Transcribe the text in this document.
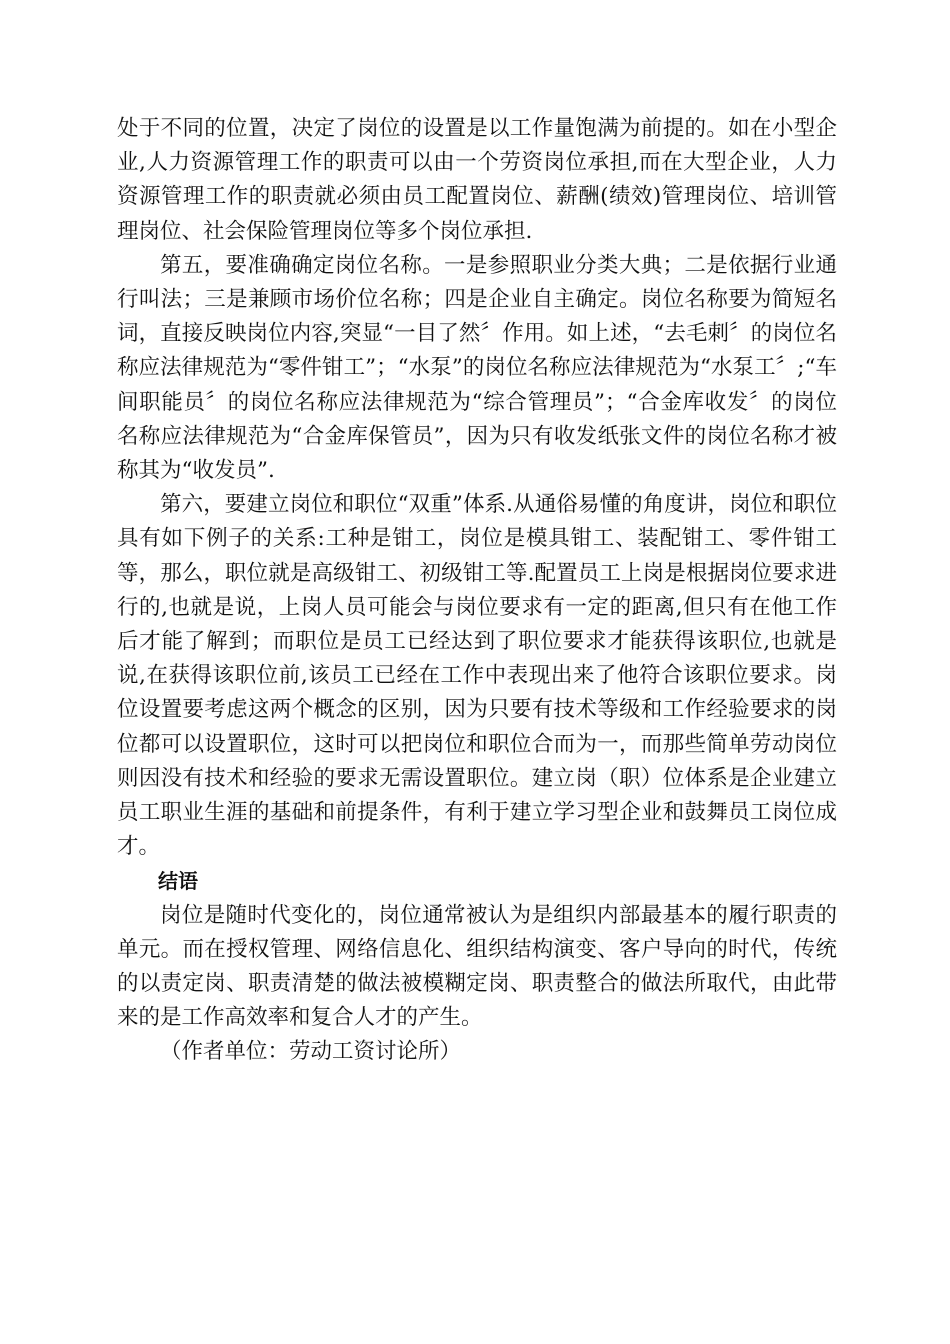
处于不同的位置，决定了岗位的设置是以工作量饱满为前提的。如在小型企业,人力资源管理工作的职责可以由一个劳资岗位承担,而在大型企业，人力资源管理工作的职责就必须由员工配置岗位、薪酬(绩效)管理岗位、培训管理岗位、社会保险管理岗位等多个岗位承担.

第五，要准确确定岗位名称。一是参照职业分类大典；二是依据行业通行叫法；三是兼顾市场价位名称；四是企业自主确定。岗位名称要为简短名词，直接反映岗位内容,突显“一目了然〞作用。如上述，“去毛刺〞的岗位名称应法律规范为“零件钳工”；“水泵”的岗位名称应法律规范为“水泵工〞;“车间职能员〞的岗位名称应法律规范为“综合管理员”；“合金库收发〞的岗位名称应法律规范为“合金库保管员”，因为只有收发纸张文件的岗位名称才被称其为“收发员”.

第六，要建立岗位和职位“双重”体系.从通俗易懂的角度讲，岗位和职位具有如下例子的关系:工种是钳工，岗位是模具钳工、装配钳工、零件钳工等，那么，职位就是高级钳工、初级钳工等.配置员工上岗是根据岗位要求进行的,也就是说，上岗人员可能会与岗位要求有一定的距离,但只有在他工作后才能了解到；而职位是员工已经达到了职位要求才能获得该职位,也就是说,在获得该职位前,该员工已经在工作中表现出来了他符合该职位要求。岗位设置要考虑这两个概念的区别，因为只要有技术等级和工作经验要求的岗位都可以设置职位，这时可以把岗位和职位合而为一，而那些简单劳动岗位则因没有技术和经验的要求无需设置职位。建立岗（职）位体系是企业建立员工职业生涯的基础和前提条件，有利于建立学习型企业和鼓舞员工岗位成才。

结语

岗位是随时代变化的，岗位通常被认为是组织内部最基本的履行职责的单元。而在授权管理、网络信息化、组织结构演变、客户导向的时代，传统的以责定岗、职责清楚的做法被模糊定岗、职责整合的做法所取代，由此带来的是工作高效率和复合人才的产生。

（作者单位：劳动工资讨论所）
